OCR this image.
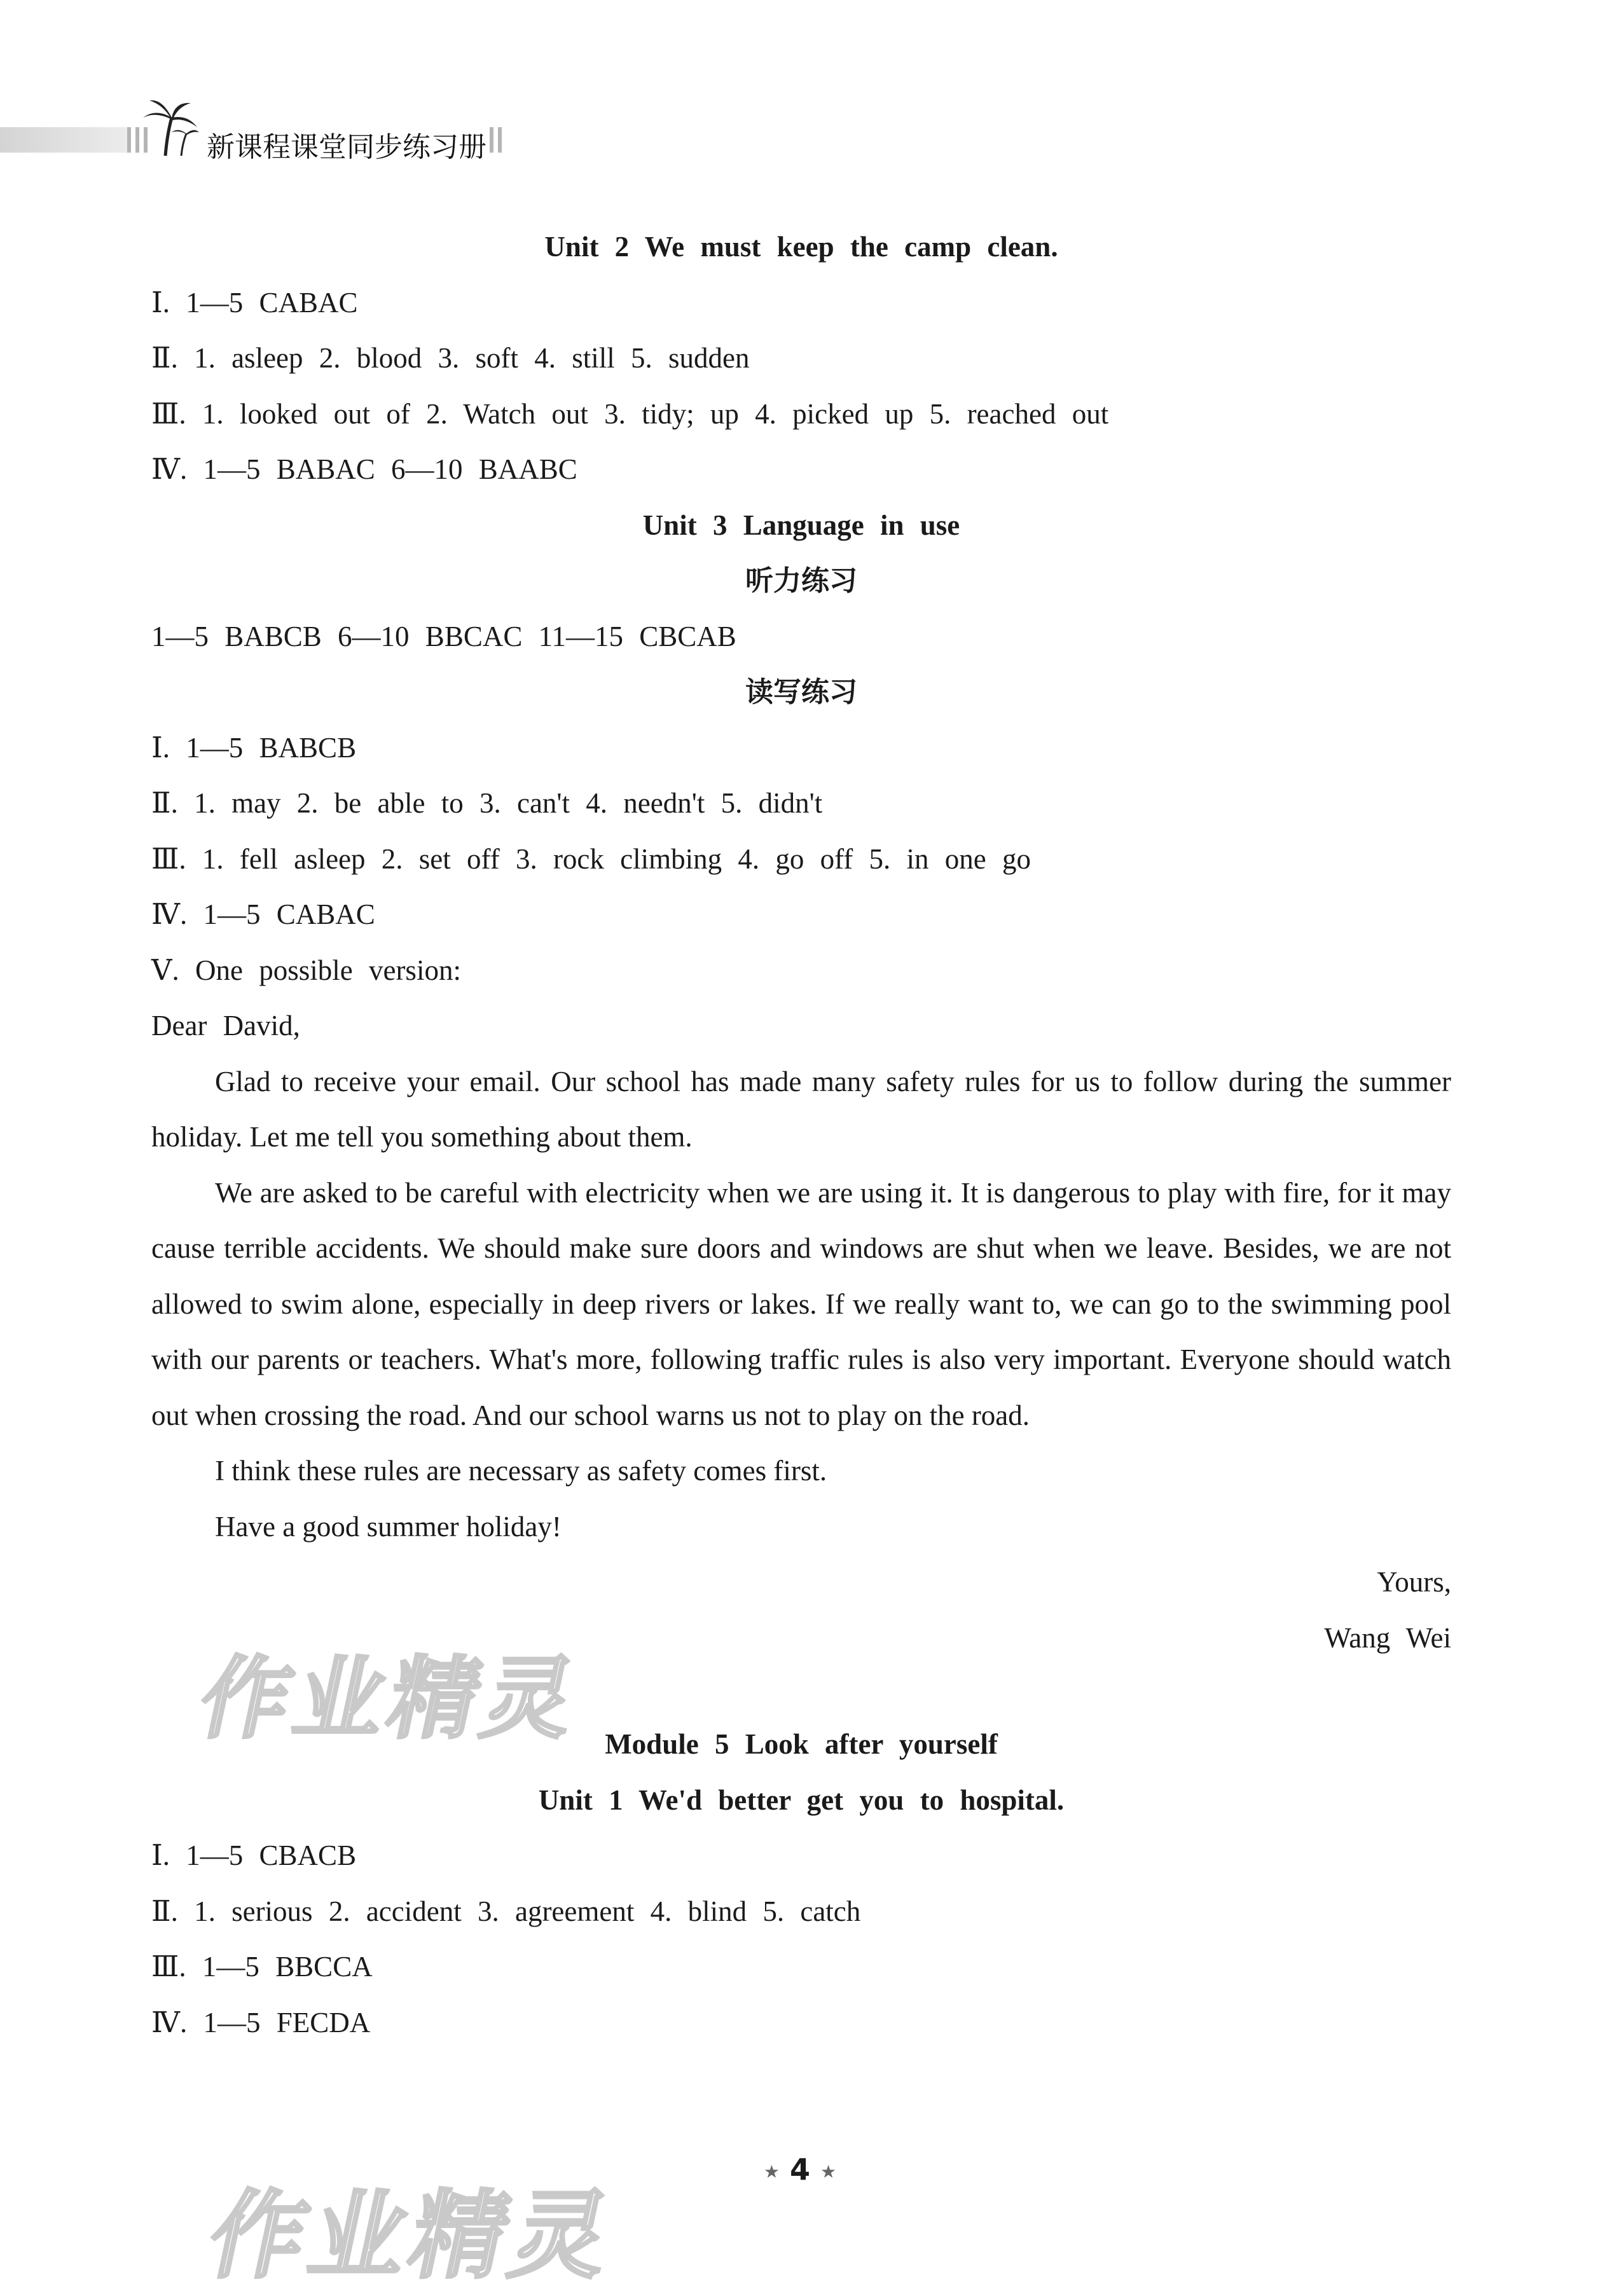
新课程课堂同步练习册
Unit 2 We must keep the camp clean.
Ⅰ. 1—5 CABAC
Ⅱ. 1. asleep 2. blood 3. soft 4. still 5. sudden
Ⅲ. 1. looked out of 2. Watch out 3. tidy; up 4. picked up 5. reached out
Ⅳ. 1—5 BABAC 6—10 BAABC
Unit 3 Language in use
听力练习
1—5 BABCB 6—10 BBCAC 11—15 CBCAB
读写练习
Ⅰ. 1—5 BABCB
Ⅱ. 1. may 2. be able to 3. can't 4. needn't 5. didn't
Ⅲ. 1. fell asleep 2. set off 3. rock climbing 4. go off 5. in one go
Ⅳ. 1—5 CABAC
Ⅴ. One possible version:
Dear David,
Glad to receive your email. Our school has made many safety rules for us to follow during the summer holiday. Let me tell you something about them.
We are asked to be careful with electricity when we are using it. It is dangerous to play with fire, for it may cause terrible accidents. We should make sure doors and windows are shut when we leave. Besides, we are not allowed to swim alone, especially in deep rivers or lakes. If we really want to, we can go to the swimming pool with our parents or teachers. What's more, following traffic rules is also very important. Everyone should watch out when crossing the road. And our school warns us not to play on the road.
I think these rules are necessary as safety comes first.
Have a good summer holiday!
Yours,
Wang Wei
Module 5 Look after yourself
Unit 1 We'd better get you to hospital.
Ⅰ. 1—5 CBACB
Ⅱ. 1. serious 2. accident 3. agreement 4. blind 5. catch
Ⅲ. 1—5 BBCCA
Ⅳ. 1—5 FECDA
作业精灵
作业精灵
★ 4 ★
